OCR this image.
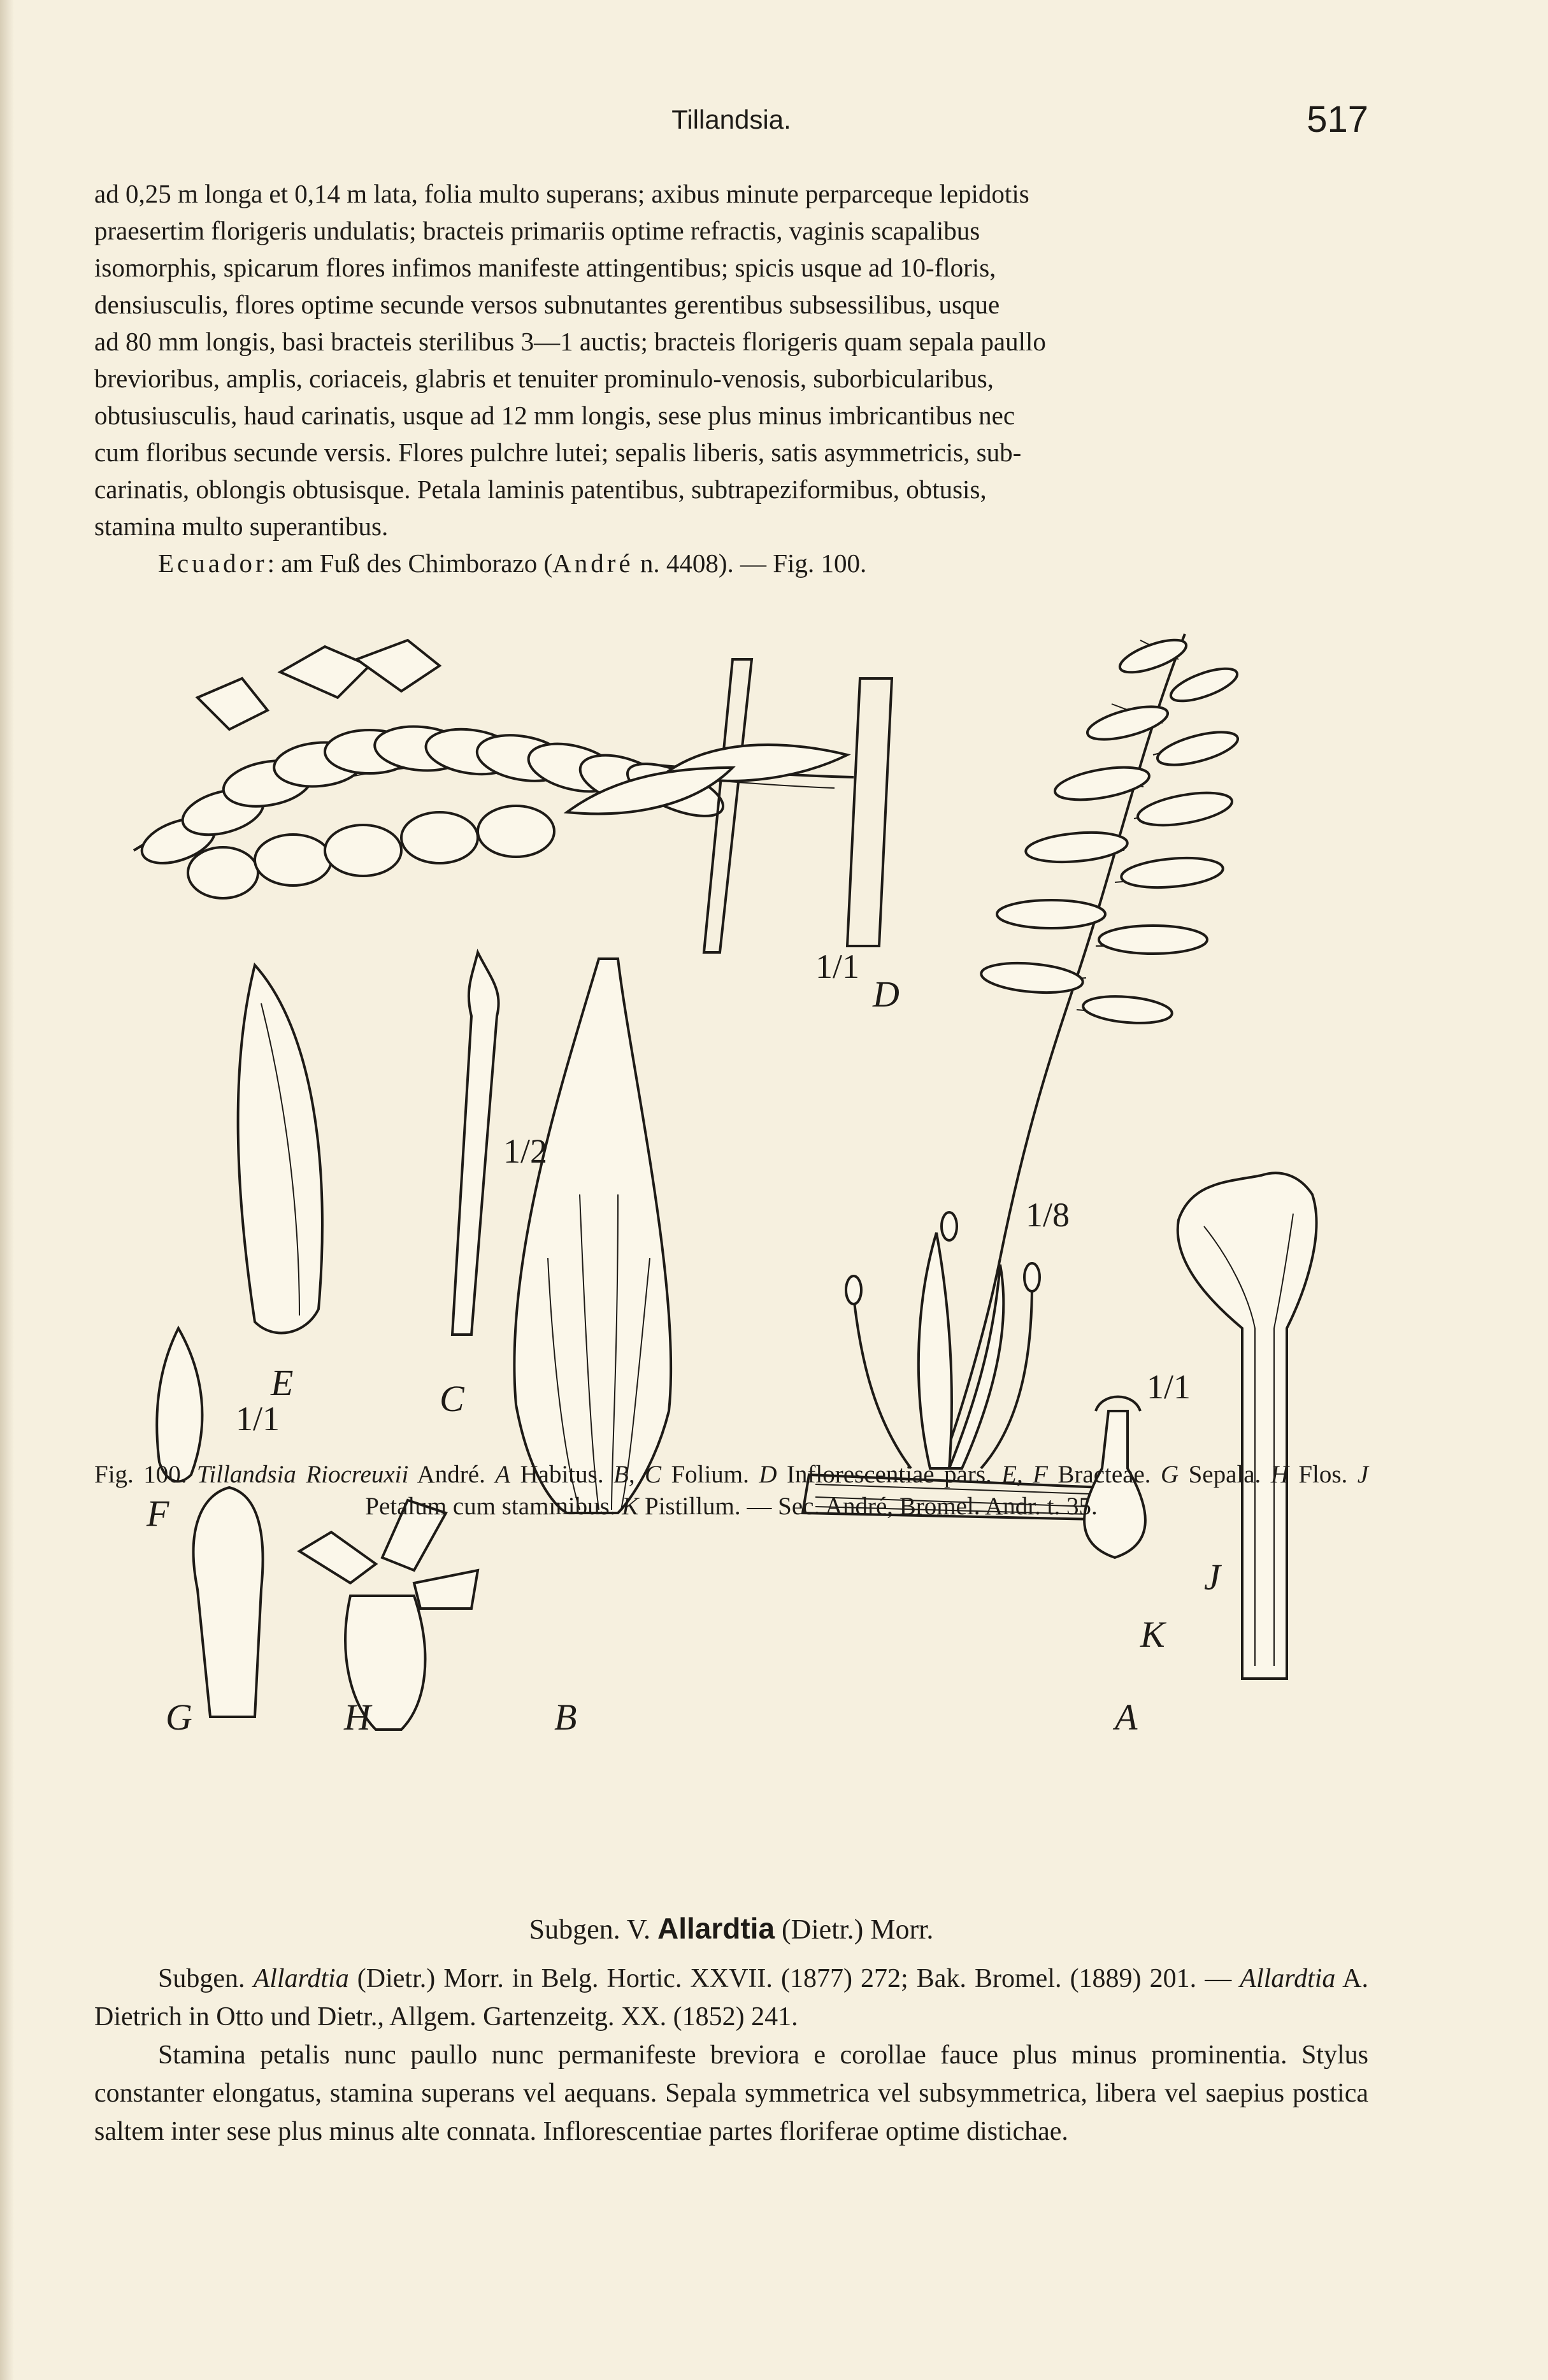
Tillandsia.	517
ad 0,25 m longa et 0,14 m lata, folia multo superans; axibus minute perparceque lepidotis
praesertim florigeris undulatis; bracteis primariis optime refractis, vaginis scapalibus
isomorphis, spicarum flores infimos manifeste attingentibus; spicis usque ad 10-floris,
densiusculis, flores optime secunde versos subnutantes gerentibus subsessilibus, usque
ad 80 mm longis, basi bracteis sterilibus 3—1 auctis; bracteis florigeris quam sepala paullo
brevioribus, amplis, coriaceis, glabris et tenuiter prominulo-venosis, suborbicularibus,
obtusiusculis, haud carinatis, usque ad 12 mm longis, sese plus minus imbricantibus nec
cum floribus secunde versis. Flores pulchre lutei; sepalis liberis, satis asymmetricis, sub-
carinatis, oblongis obtusisque. Petala laminis patentibus, subtrapeziformibus, obtusis,
stamina multo superantibus.
Ecuador: am Fuß des Chimborazo (André n. 4408). — Fig. 100.
1/1
1/2
1/8
1/1
1/1
D
E	C
F
J
K
G	H	B	A

Fig. 100. Tillandsia Riocreuxii André. A Habitus. B, C Folium. D Inflorescentiae pars. E, F Bracteae. G Sepala. H Flos. J Petalum cum staminibus. K Pistillum. — Sec. André, Bromel. Andr. t. 35.

Subgen. V. Allardtia (Dietr.) Morr.

Subgen. Allardtia (Dietr.) Morr. in Belg. Hortic. XXVII. (1877) 272; Bak. Bromel. (1889) 201. — Allardtia A. Dietrich in Otto und Dietr., Allgem. Gartenzeitg. XX. (1852) 241.

Stamina petalis nunc paullo nunc permanifeste breviora e corollae fauce plus minus prominentia. Stylus constanter elongatus, stamina superans vel aequans. Sepala symmetrica vel subsymmetrica, libera vel saepius postica saltem inter sese plus minus alte connata. Inflorescentiae partes floriferae optime distichae.
